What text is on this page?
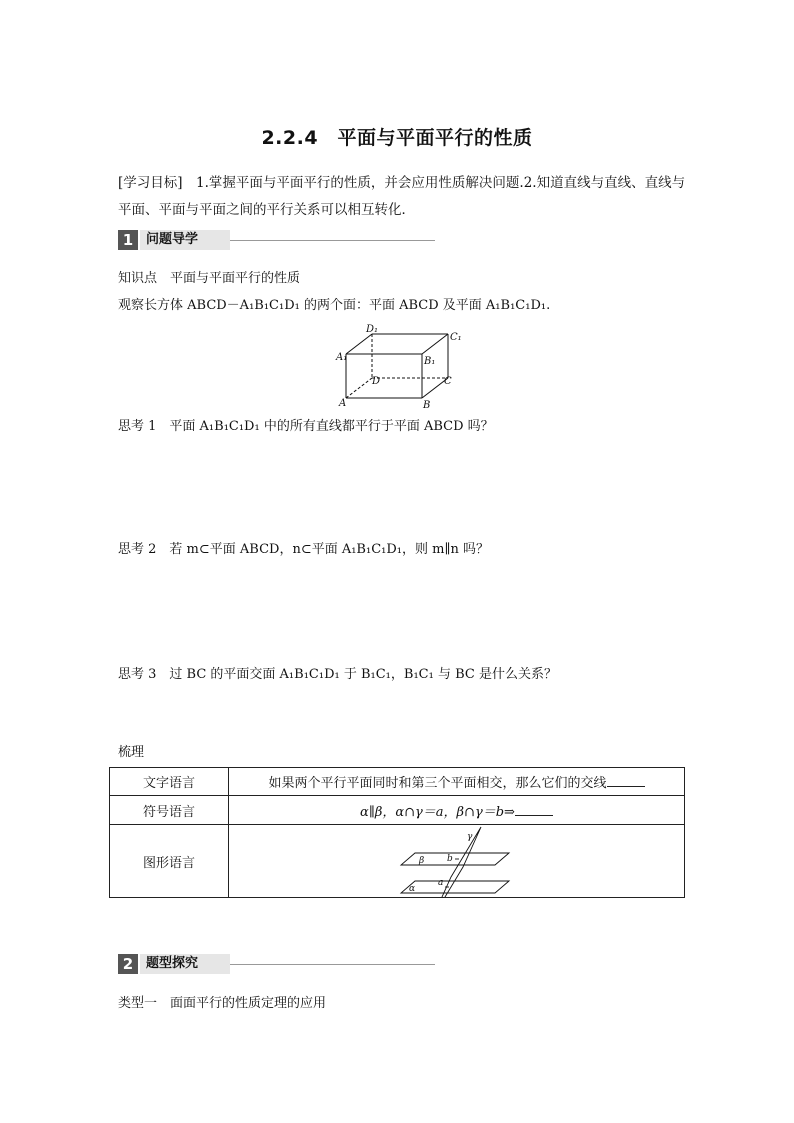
2.2.4　平面与平面平行的性质
[学习目标]　1.掌握平面与平面平行的性质，并会应用性质解决问题.2.知道直线与直线、直线与平面、平面与平面之间的平行关系可以相互转化．
1 问题导学
知识点　平面与平面平行的性质
观察长方体 ABCD－A₁B₁C₁D₁ 的两个面：平面 ABCD 及平面 A₁B₁C₁D₁.
A₁
D₁
C₁
B₁
D	C
A	B
思考 1　平面 A₁B₁C₁D₁ 中的所有直线都平行于平面 ABCD 吗？
思考 2　若 m⊂平面 ABCD，n⊂平面 A₁B₁C₁D₁，则 m∥n 吗？
思考 3　过 BC 的平面交面 A₁B₁C₁D₁ 于 B₁C₁，B₁C₁ 与 BC 是什么关系？
梳理
文字语言	如果两个平行平面同时和第三个平面相交，那么它们的交线
符号语言	α∥β，α∩γ＝a，β∩γ＝b⇒
图形语言	β
α
γ
b
a
2 题型探究
类型一　面面平行的性质定理的应用
